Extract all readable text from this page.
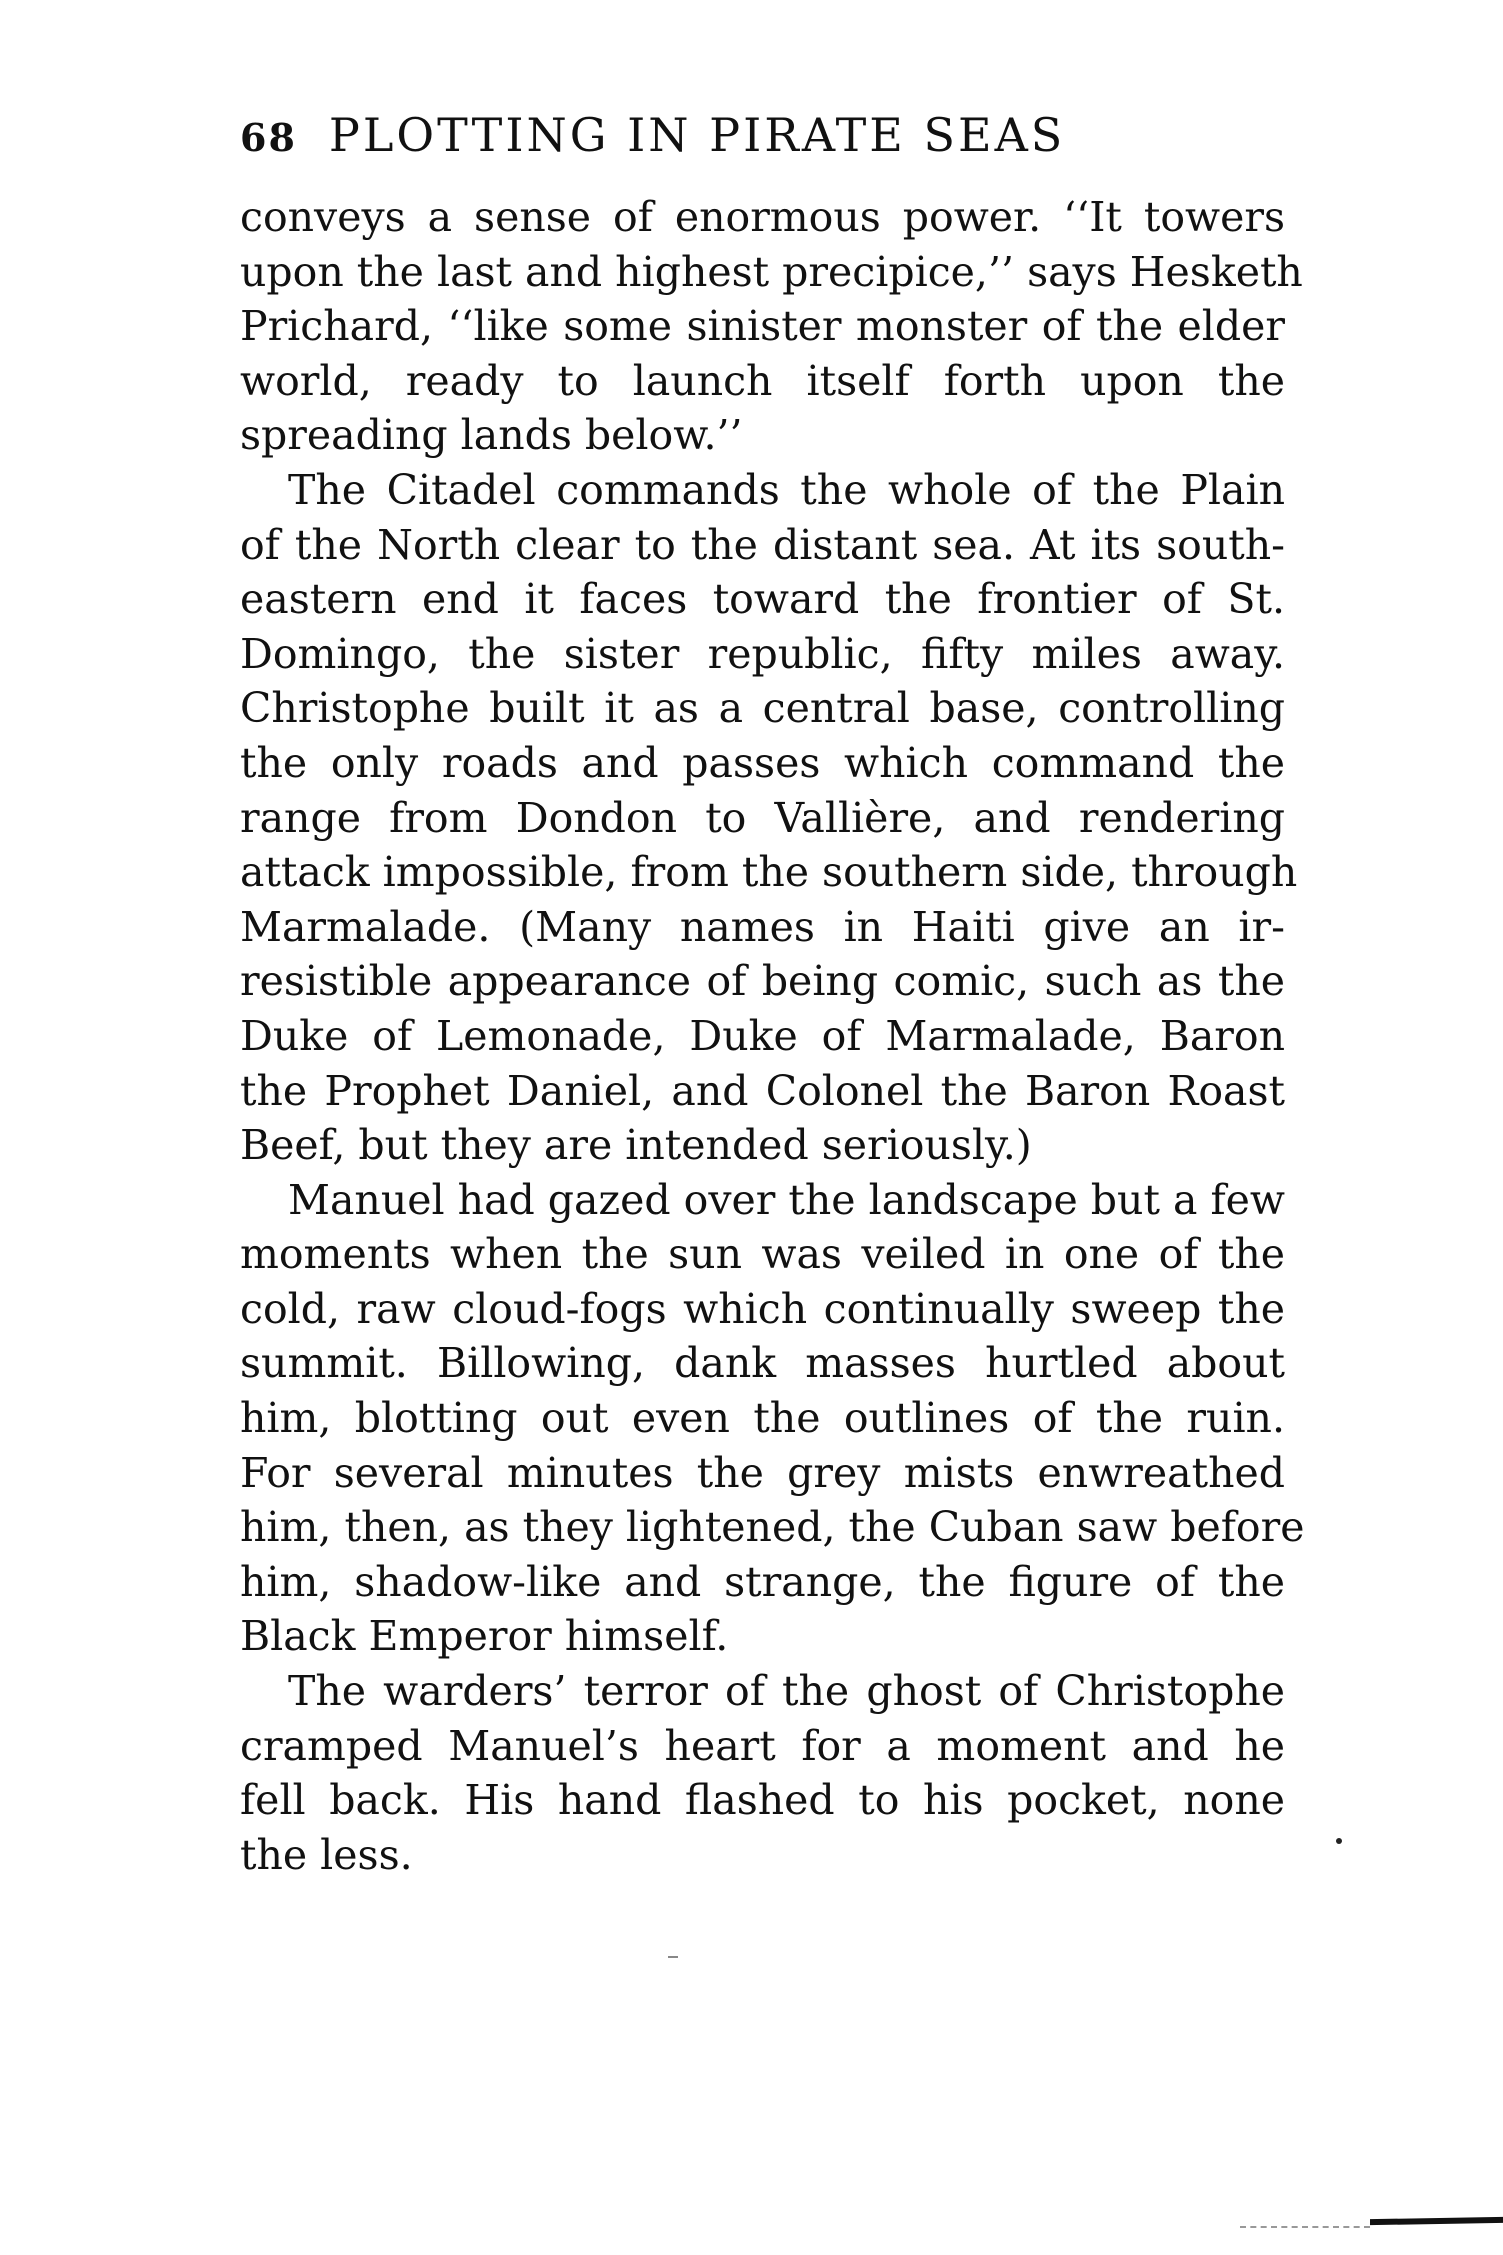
68 PLOTTING IN PIRATE SEAS
conveys a sense of enormous power. ‘‘It towers
upon the last and highest precipice,’’ says Hesketh
Prichard, ‘‘like some sinister monster of the elder
world, ready to launch itself forth upon the
spreading lands below.’’
The Citadel commands the whole of the Plain
of the North clear to the distant sea. At its south-
eastern end it faces toward the frontier of St.
Domingo, the sister republic, fifty miles away.
Christophe built it as a central base, controlling
the only roads and passes which command the
range from Dondon to Vallière, and rendering
attack impossible, from the southern side, through
Marmalade. (Many names in Haiti give an ir-
resistible appearance of being comic, such as the
Duke of Lemonade, Duke of Marmalade, Baron
the Prophet Daniel, and Colonel the Baron Roast
Beef, but they are intended seriously.)
Manuel had gazed over the landscape but a few
moments when the sun was veiled in one of the
cold, raw cloud-fogs which continually sweep the
summit. Billowing, dank masses hurtled about
him, blotting out even the outlines of the ruin.
For several minutes the grey mists enwreathed
him, then, as they lightened, the Cuban saw before
him, shadow-like and strange, the figure of the
Black Emperor himself.
The warders’ terror of the ghost of Christophe
cramped Manuel’s heart for a moment and he
fell back. His hand flashed to his pocket, none
the less.
